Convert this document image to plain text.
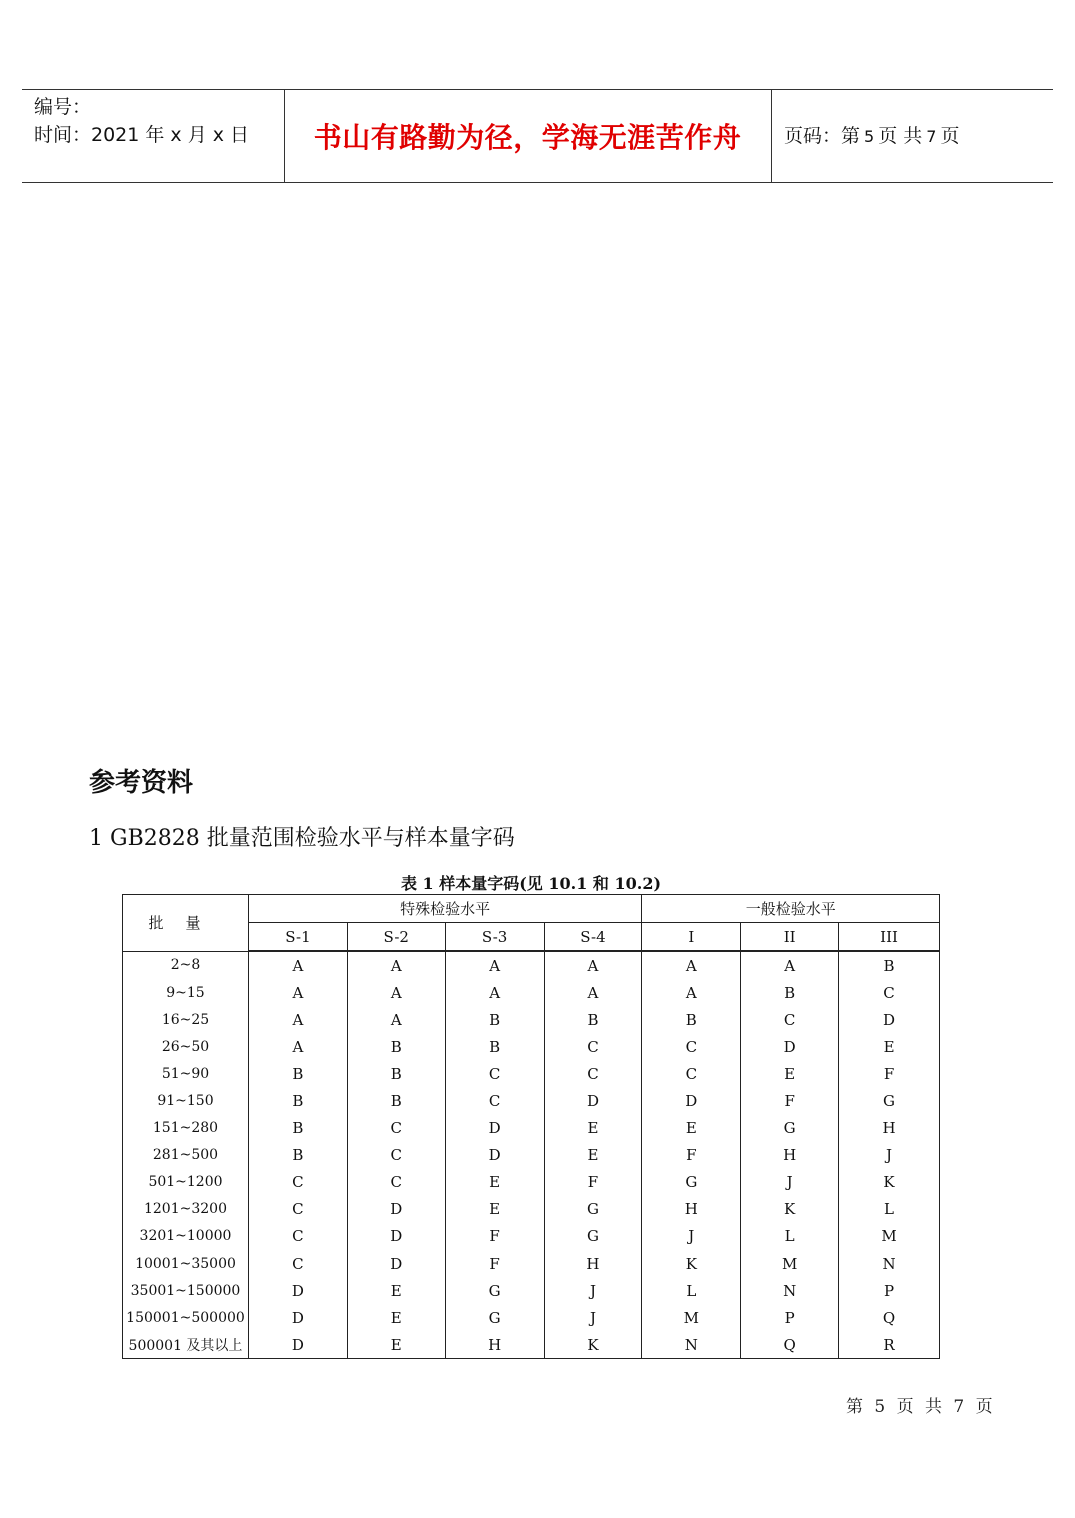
编号：
时间：2021 年 x 月 x 日	书山有路勤为径，学海无涯苦作舟	页码：第 5 页 共 7 页
参考资料
1 GB2828 批量范围检验水平与样本量字码
表 1 样本量字码(见 10.1 和 10.2)
批量	特殊检验水平				一般检验水平		
	S-1	S-2	S-3	S-4	I	II	III
2~8	A	A	A	A	A	A	B
9~15	A	A	A	A	A	B	C
16~25	A	A	B	B	B	C	D
26~50	A	B	B	C	C	D	E
51~90	B	B	C	C	C	E	F
91~150	B	B	C	D	D	F	G
151~280	B	C	D	E	E	G	H
281~500	B	C	D	E	F	H	J
501~1200	C	C	E	F	G	J	K
1201~3200	C	D	E	G	H	K	L
3201~10000	C	D	F	G	J	L	M
10001~35000	C	D	F	H	K	M	N
35001~150000	D	E	G	J	L	N	P
150001~500000	D	E	G	J	M	P	Q
500001 及其以上	D	E	H	K	N	Q	R
第 5 页 共 7 页
